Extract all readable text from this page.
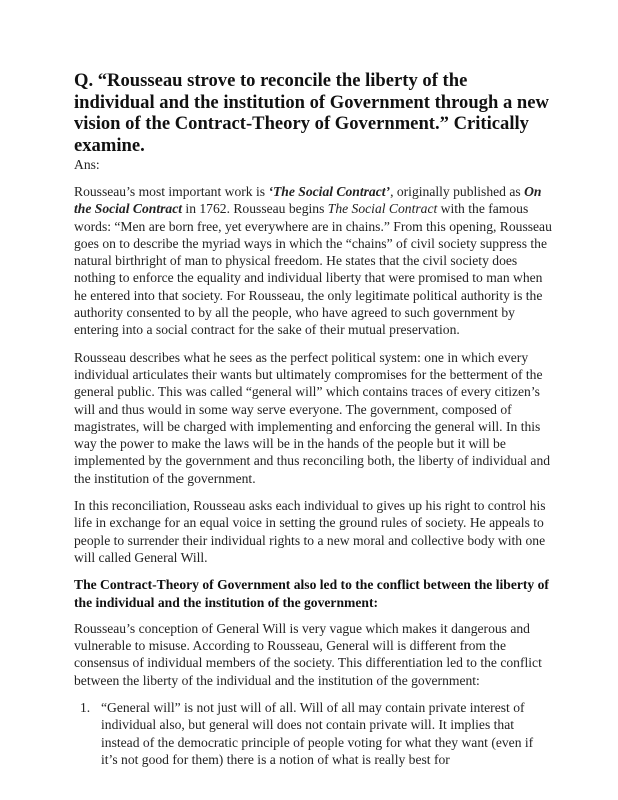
Q. “Rousseau strove to reconcile the liberty of the individual and the institution of Government through a new vision of the Contract-Theory of Government.” Critically examine.
Ans:

Rousseau’s most important work is ‘The Social Contract’, originally published as On the Social Contract in 1762. Rousseau begins The Social Contract with the famous words: “Men are born free, yet everywhere are in chains.” From this opening, Rousseau goes on to describe the myriad ways in which the “chains” of civil society suppress the natural birthright of man to physical freedom. He states that the civil society does nothing to enforce the equality and individual liberty that were promised to man when he entered into that society. For Rousseau, the only legitimate political authority is the authority consented to by all the people, who have agreed to such government by entering into a social contract for the sake of their mutual preservation.

Rousseau describes what he sees as the perfect political system: one in which every individual articulates their wants but ultimately compromises for the betterment of the general public. This was called “general will” which contains traces of every citizen’s will and thus would in some way serve everyone. The government, composed of magistrates, will be charged with implementing and enforcing the general will. In this way the power to make the laws will be in the hands of the people but it will be implemented by the government and thus reconciling both, the liberty of individual and the institution of the government.

In this reconciliation, Rousseau asks each individual to gives up his right to control his life in exchange for an equal voice in setting the ground rules of society. He appeals to people to surrender their individual rights to a new moral and collective body with one will called General Will.

The Contract-Theory of Government also led to the conflict between the liberty of the individual and the institution of the government:

Rousseau’s conception of General Will is very vague which makes it dangerous and vulnerable to misuse. According to Rousseau, General will is different from the consensus of individual members of the society. This differentiation led to the conflict between the liberty of the individual and the institution of the government:

1. “General will” is not just will of all. Will of all may contain private interest of individual also, but general will does not contain private will. It implies that instead of the democratic principle of people voting for what they want (even if it’s not good for them) there is a notion of what is really best for
